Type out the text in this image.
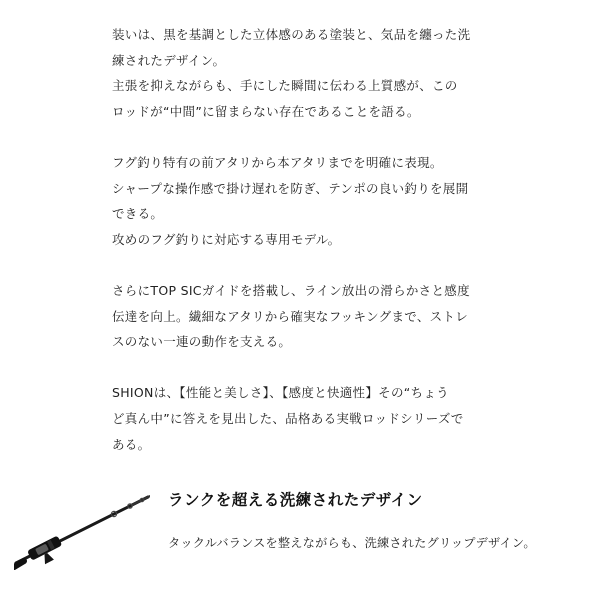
装いは、黒を基調とした立体感のある塗装と、気品を纏った洗
練されたデザイン。
主張を抑えながらも、手にした瞬間に伝わる上質感が、この
ロッドが“中間”に留まらない存在であることを語る。
フグ釣り特有の前アタリから本アタリまでを明確に表現。
シャープな操作感で掛け遅れを防ぎ、テンポの良い釣りを展開
できる。
攻めのフグ釣りに対応する専用モデル。
さらにTOP SICガイドを搭載し、ライン放出の滑らかさと感度
伝達を向上。繊細なアタリから確実なフッキングまで、ストレ
スのない一連の動作を支える。
SHIONは、【性能と美しさ】、【感度と快適性】その“ちょう
ど真ん中”に答えを見出した、品格ある実戦ロッドシリーズで
ある。
ランクを超える洗練されたデザイン
タックルバランスを整えながらも、洗練されたグリップデザイン。
